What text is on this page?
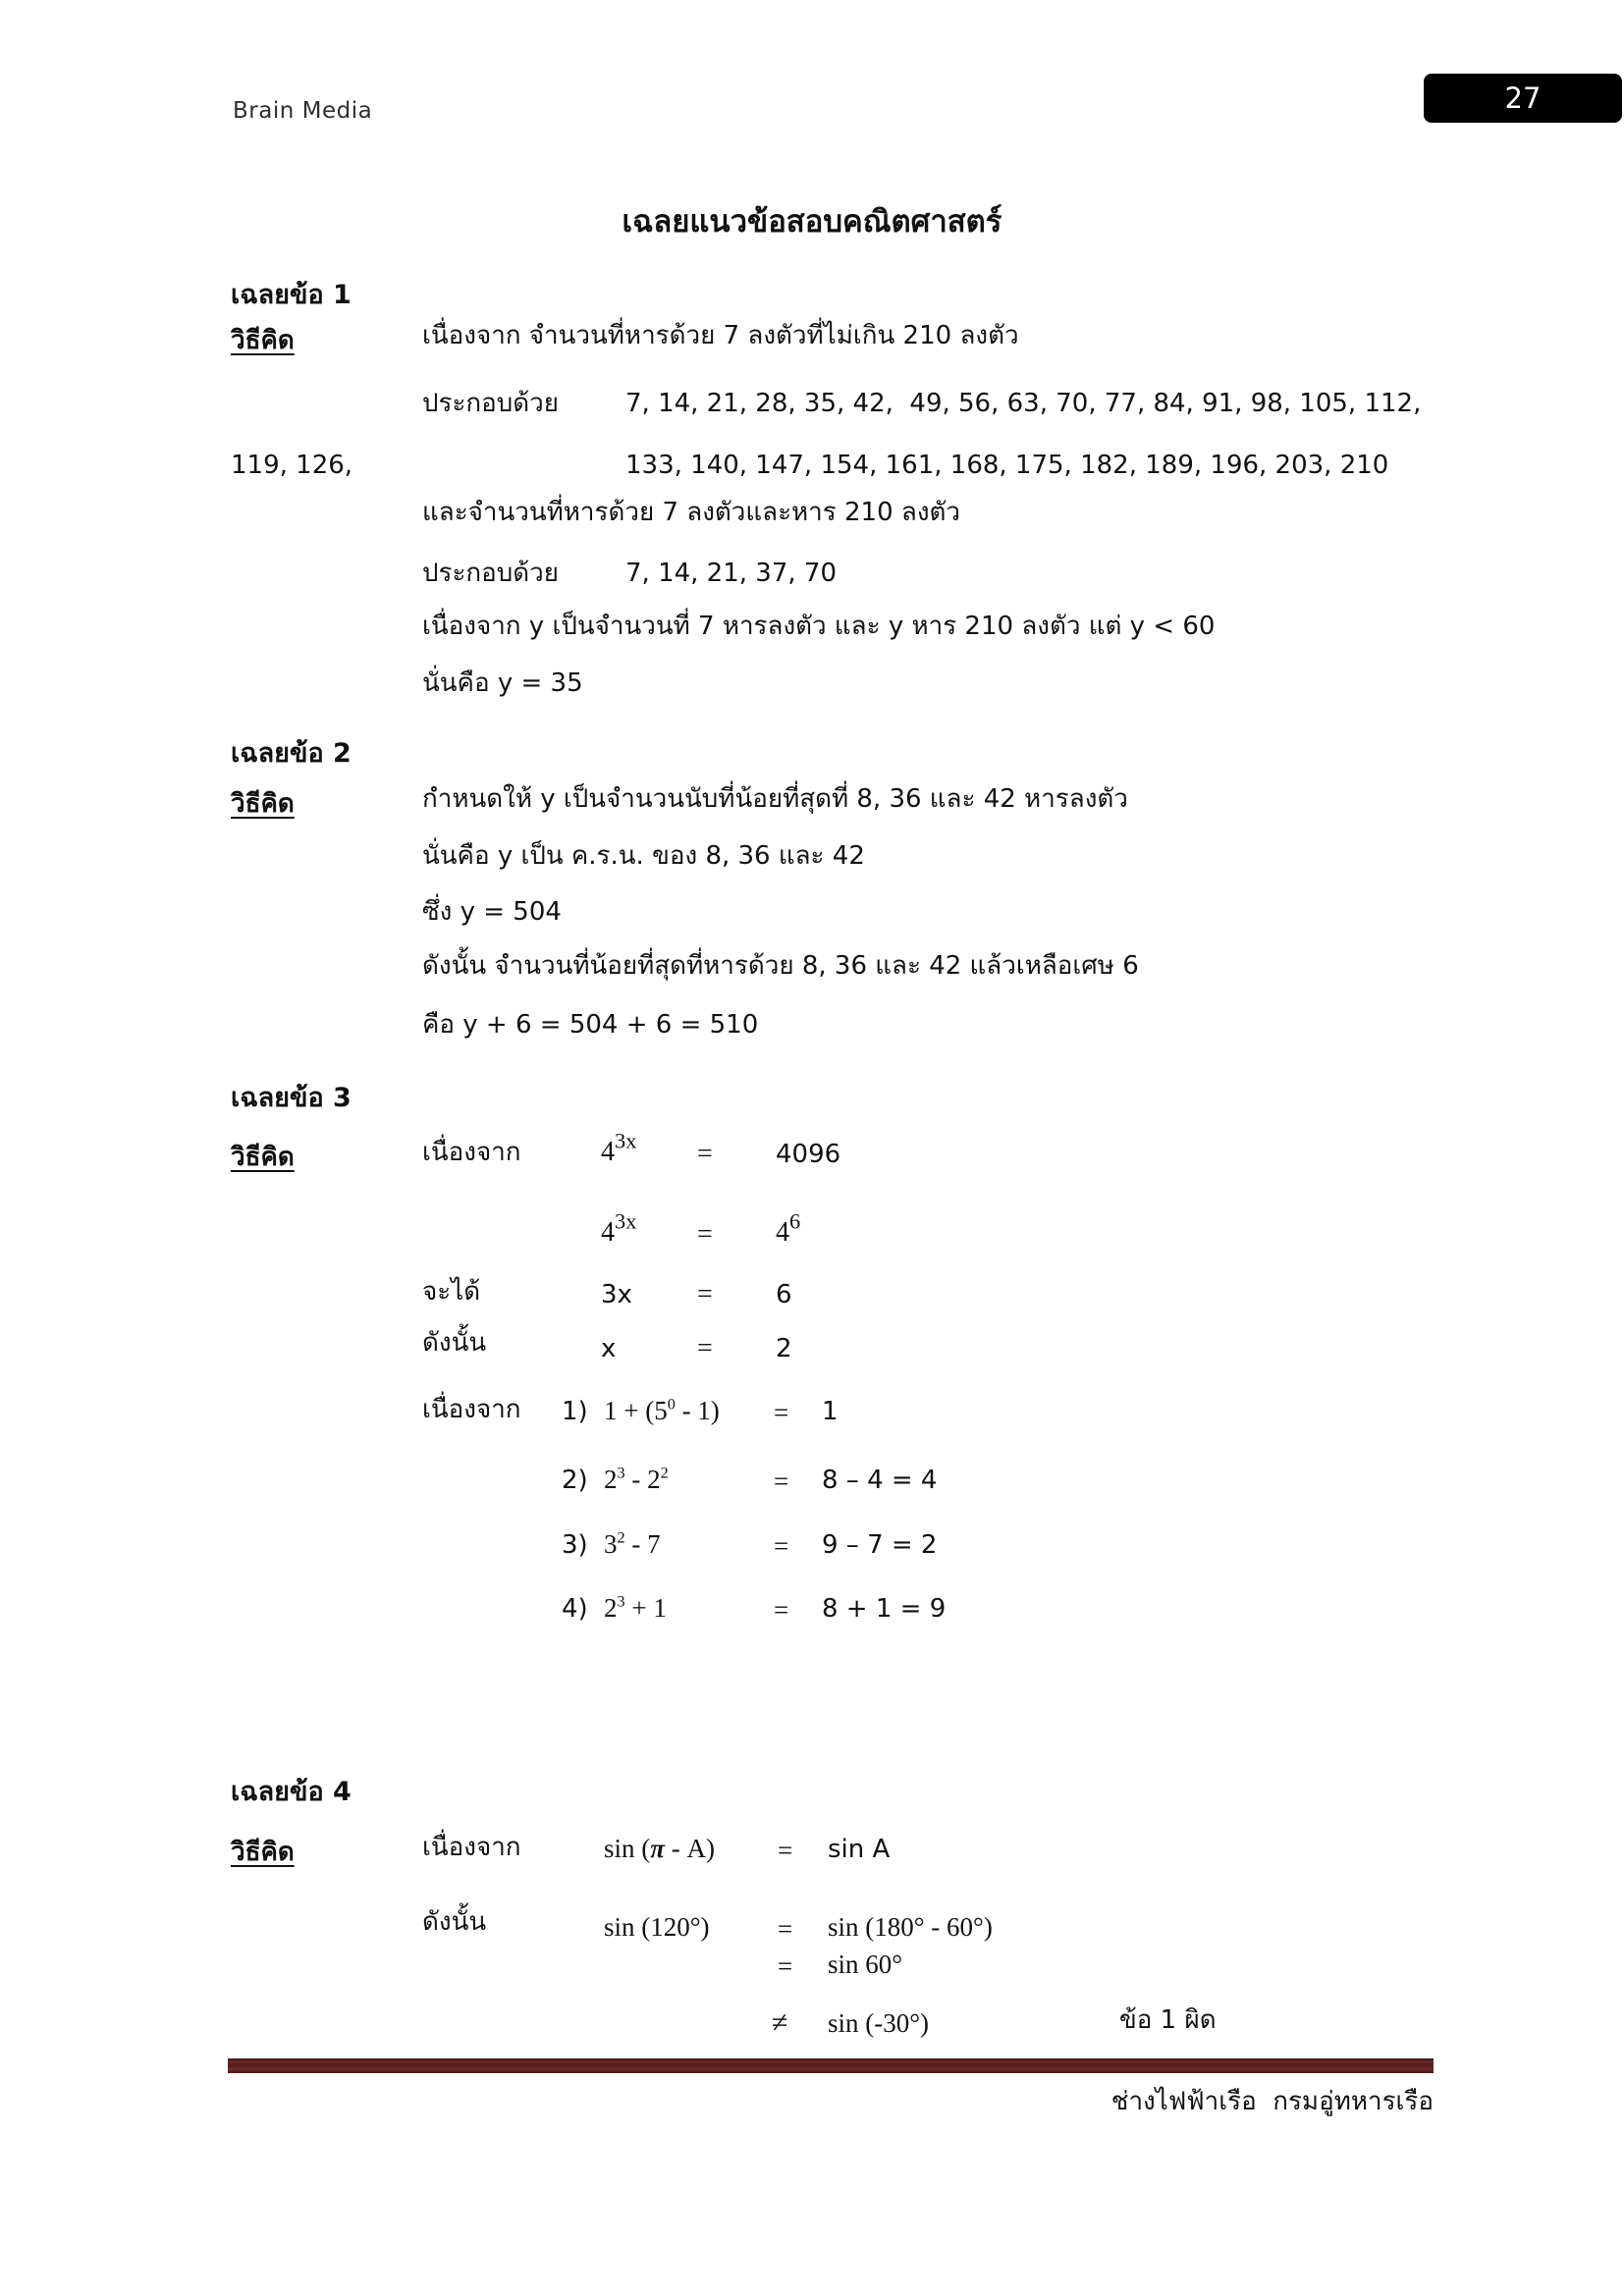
Brain Media	27
เฉลยแนวข้อสอบคณิตศาสตร์
เฉลยข้อ 1
วิธีคิด	เนื่องจาก จำนวนที่หารด้วย 7 ลงตัวที่ไม่เกิน 210 ลงตัว
ประกอบด้วย	7, 14, 21, 28, 35, 42,  49, 56, 63, 70, 77, 84, 91, 98, 105, 112,
119, 126,	133, 140, 147, 154, 161, 168, 175, 182, 189, 196, 203, 210
และจำนวนที่หารด้วย 7 ลงตัวและหาร 210 ลงตัว
ประกอบด้วย	7, 14, 21, 37, 70
เนื่องจาก y เป็นจำนวนที่ 7 หารลงตัว และ y หาร 210 ลงตัว แต่ y < 60
นั่นคือ y = 35
เฉลยข้อ 2
วิธีคิด	กำหนดให้ y เป็นจำนวนนับที่น้อยที่สุดที่ 8, 36 และ 42 หารลงตัว
นั่นคือ y เป็น ค.ร.น. ของ 8, 36 และ 42
ซึ่ง y = 504
ดังนั้น จำนวนที่น้อยที่สุดที่หารด้วย 8, 36 และ 42 แล้วเหลือเศษ 6
คือ y + 6 = 504 + 6 = 510
เฉลยข้อ 3
วิธีคิด	เนื่องจาก	$4^{3x} = 4096$
$4^{3x} = 4^6$
จะได้	3x = 6
ดังนั้น	x	= 2
เนื่องจาก 1) $1 + (5^0 - 1) = 1$
2) $2^3 - 2^2$	= 8 – 4 = 4
3) $3^2 - 7$	= 9 – 7 = 2
4) $2^3 + 1$	= 8 + 1 = 9
เฉลยข้อ 4
วิธีคิด	เนื่องจาก	sin (π - A) = sin A
ดังนั้น	sin (120°)	= sin (180° - 60°)
= sin 60°
≠ sin (-30°)	ข้อ 1 ผิด
ช่างไฟฟ้าเรือ  กรมอู่ทหารเรือ
